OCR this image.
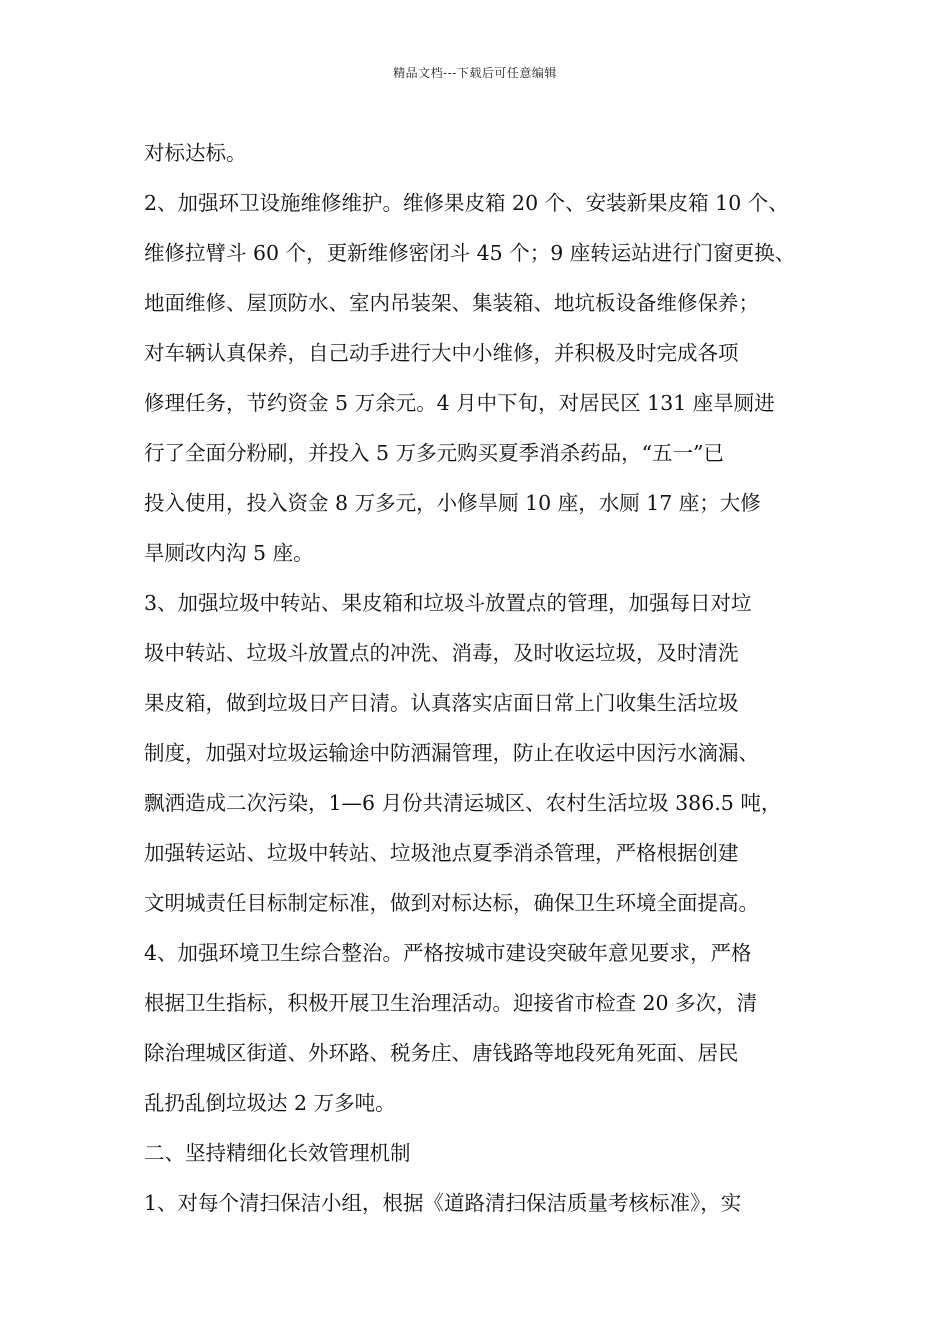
精品文档---下载后可任意编辑
对标达标。
2、加强环卫设施维修维护。维修果皮箱 20 个、安装新果皮箱 10 个、
维修拉臂斗 60 个，更新维修密闭斗 45 个；9 座转运站进行门窗更换、
地面维修、屋顶防水、室内吊装架、集装箱、地坑板设备维修保养；
对车辆认真保养，自己动手进行大中小维修，并积极及时完成各项
修理任务，节约资金 5 万余元。4 月中下旬，对居民区 131 座旱厕进
行了全面分粉刷，并投入 5 万多元购买夏季消杀药品，“五一”已
投入使用，投入资金 8 万多元，小修旱厕 10 座，水厕 17 座；大修
旱厕改内沟 5 座。
3、加强垃圾中转站、果皮箱和垃圾斗放置点的管理，加强每日对垃
圾中转站、垃圾斗放置点的冲洗、消毒，及时收运垃圾，及时清洗
果皮箱，做到垃圾日产日清。认真落实店面日常上门收集生活垃圾
制度，加强对垃圾运输途中防洒漏管理，防止在收运中因污水滴漏、
飘洒造成二次污染，1—6 月份共清运城区、农村生活垃圾 386.5 吨，
加强转运站、垃圾中转站、垃圾池点夏季消杀管理，严格根据创建
文明城责任目标制定标准，做到对标达标，确保卫生环境全面提高。
4、加强环境卫生综合整治。严格按城市建设突破年意见要求，严格
根据卫生指标，积极开展卫生治理活动。迎接省市检查 20 多次，清
除治理城区街道、外环路、税务庄、唐钱路等地段死角死面、居民
乱扔乱倒垃圾达 2 万多吨。
二、坚持精细化长效管理机制
1、对每个清扫保洁小组，根据《道路清扫保洁质量考核标准》，实
